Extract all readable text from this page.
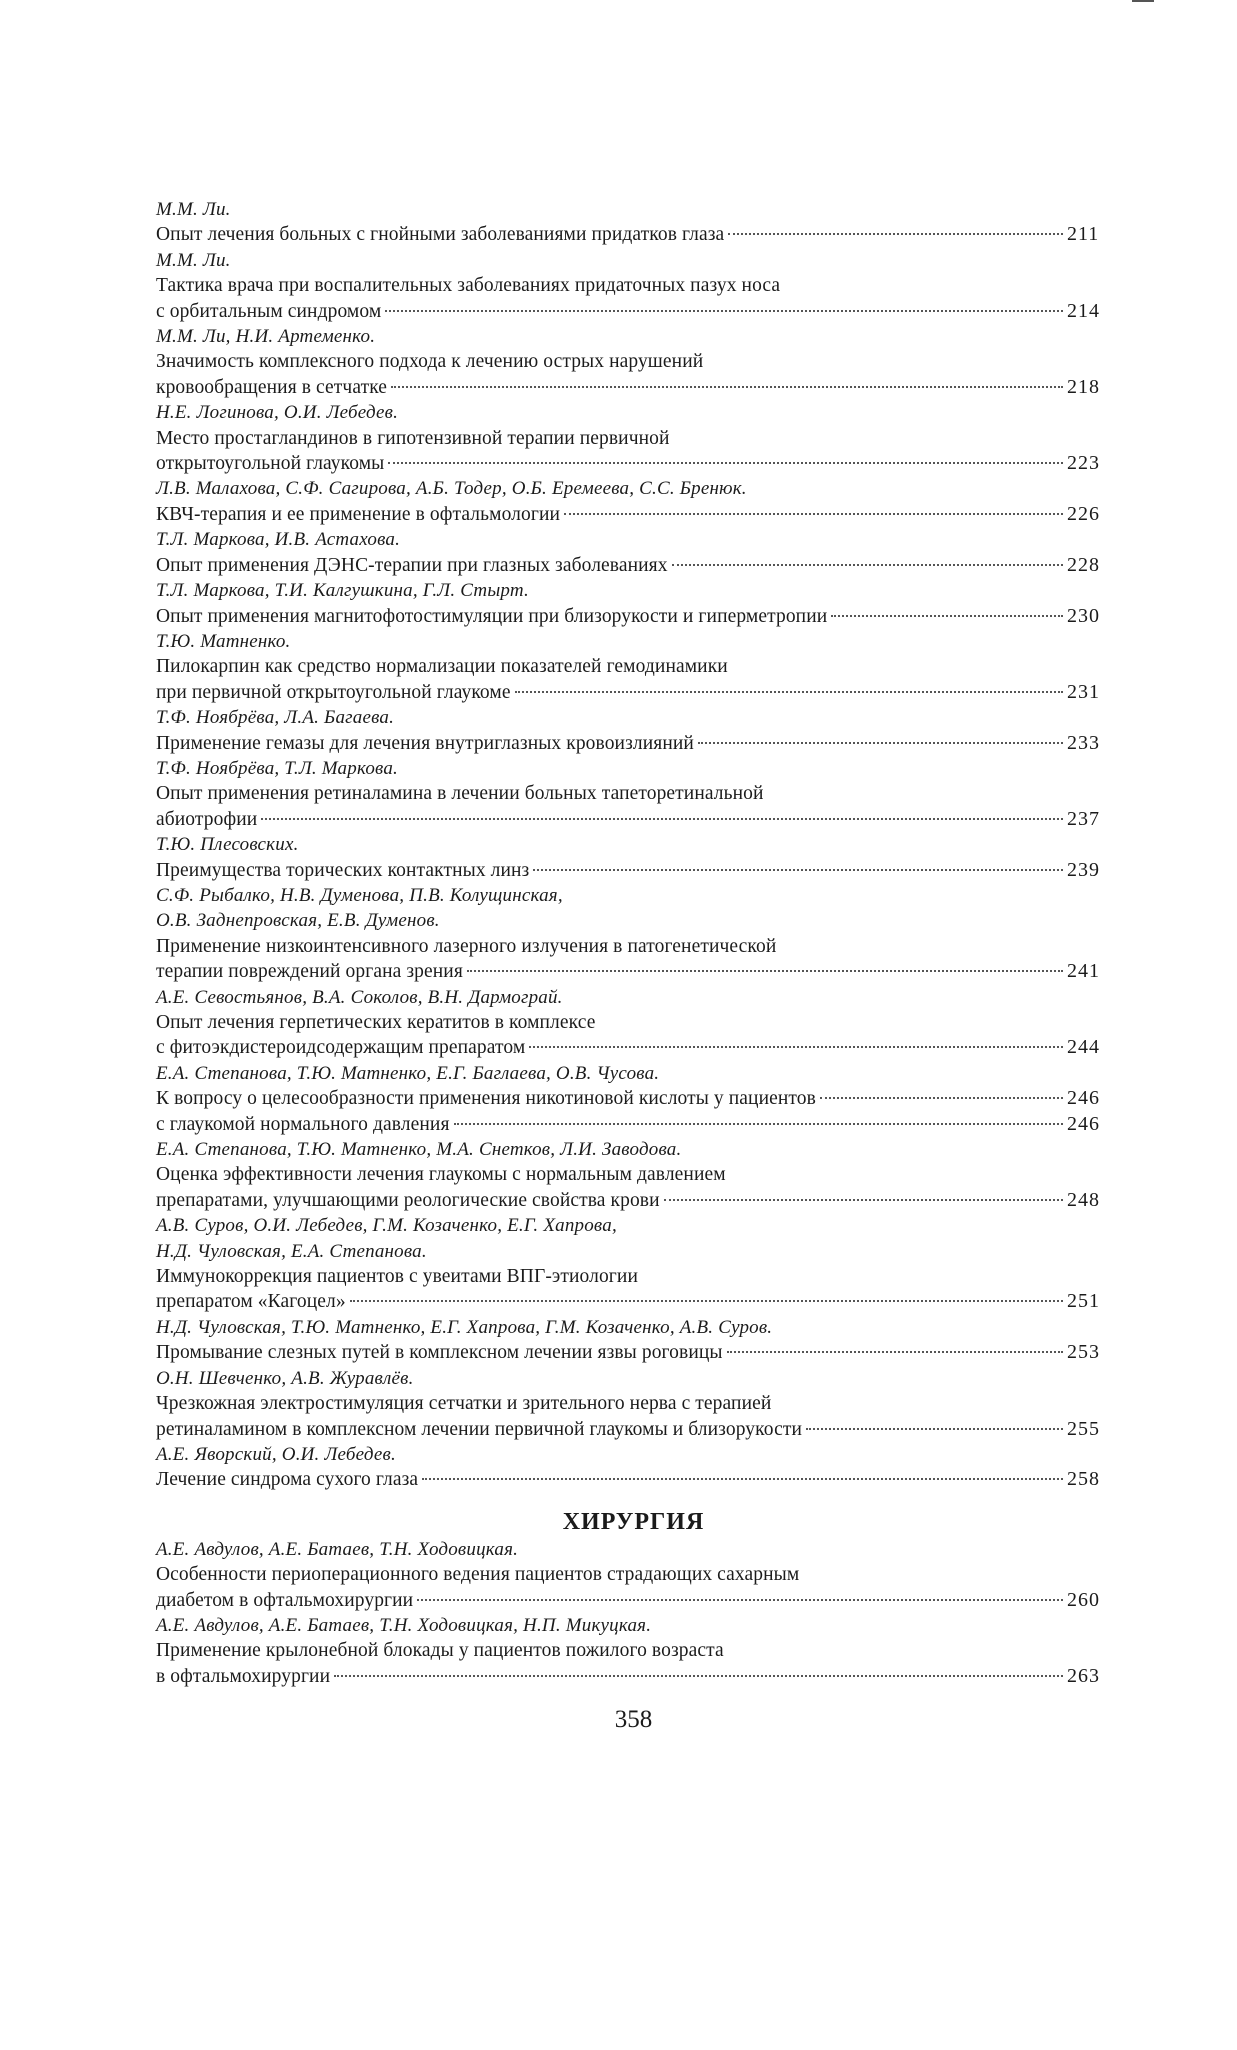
М.М. Ли.
Опыт лечения больных с гнойными заболеваниями придатков глаза	211
М.М. Ли.
Тактика врача при воспалительных заболеваниях придаточных пазух носа
с орбитальным синдромом	214
М.М. Ли, Н.И. Артеменко.
Значимость комплексного подхода к лечению острых нарушений
кровообращения в сетчатке	218
Н.Е. Логинова, О.И. Лебедев.
Место простагландинов в гипотензивной терапии первичной
открытоугольной глаукомы	223
Л.В. Малахова, С.Ф. Сагирова, А.Б. Тодер, О.Б. Еремеева, С.С. Бренюк.
КВЧ-терапия и ее применение в офтальмологии	226
Т.Л. Маркова, И.В. Астахова.
Опыт применения ДЭНС-терапии при глазных заболеваниях	228
Т.Л. Маркова, Т.И. Калгушкина, Г.Л. Стырт.
Опыт применения магнитофотостимуляции при близорукости и гиперметропии	230
Т.Ю. Матненко.
Пилокарпин как средство нормализации показателей гемодинамики
при первичной открытоугольной глаукоме	231
Т.Ф. Ноябрёва, Л.А. Багаева.
Применение гемазы для лечения внутриглазных кровоизлияний	233
Т.Ф. Ноябрёва, Т.Л. Маркова.
Опыт применения ретиналамина в лечении больных тапеторетинальной
абиотрофии	237
Т.Ю. Плесовских.
Преимущества торических контактных линз	239
С.Ф. Рыбалко, Н.В. Думенова, П.В. Колущинская,
О.В. Заднепровская, Е.В. Думенов.
Применение низкоинтенсивного лазерного излучения в патогенетической
терапии повреждений органа зрения	241
А.Е. Севостьянов, В.А. Соколов, В.Н. Дармограй.
Опыт лечения герпетических кератитов в комплексе
с фитоэкдистероидсодержащим препаратом	244
Е.А. Степанова, Т.Ю. Матненко, Е.Г. Баглаева, О.В. Чусова.
К вопросу о целесообразности применения никотиновой кислоты у пациентов	246
с глаукомой нормального давления	246
Е.А. Степанова, Т.Ю. Матненко, М.А. Снетков, Л.И. Заводова.
Оценка эффективности лечения глаукомы с нормальным давлением
препаратами, улучшающими реологические свойства крови	248
А.В. Суров, О.И. Лебедев, Г.М. Козаченко, Е.Г. Хапрова,
Н.Д. Чуловская, Е.А. Степанова.
Иммунокоррекция пациентов с увеитами ВПГ-этиологии
препаратом «Кагоцел»	251
Н.Д. Чуловская, Т.Ю. Матненко, Е.Г. Хапрова, Г.М. Козаченко, А.В. Суров.
Промывание слезных путей в комплексном лечении язвы роговицы	253
О.Н. Шевченко, А.В. Журавлёв.
Чрезкожная электростимуляция сетчатки и зрительного нерва с терапией
ретиналамином в комплексном лечении первичной глаукомы и близорукости	255
А.Е. Яворский, О.И. Лебедев.
Лечение синдрома сухого глаза	258
ХИРУРГИЯ
А.Е. Авдулов, А.Е. Батаев, Т.Н. Ходовицкая.
Особенности периоперационного ведения пациентов страдающих сахарным
диабетом в офтальмохирургии	260
А.Е. Авдулов, А.Е. Батаев, Т.Н. Ходовицкая, Н.П. Микуцкая.
Применение крылонебной блокады у пациентов пожилого возраста
в офтальмохирургии	263
358
